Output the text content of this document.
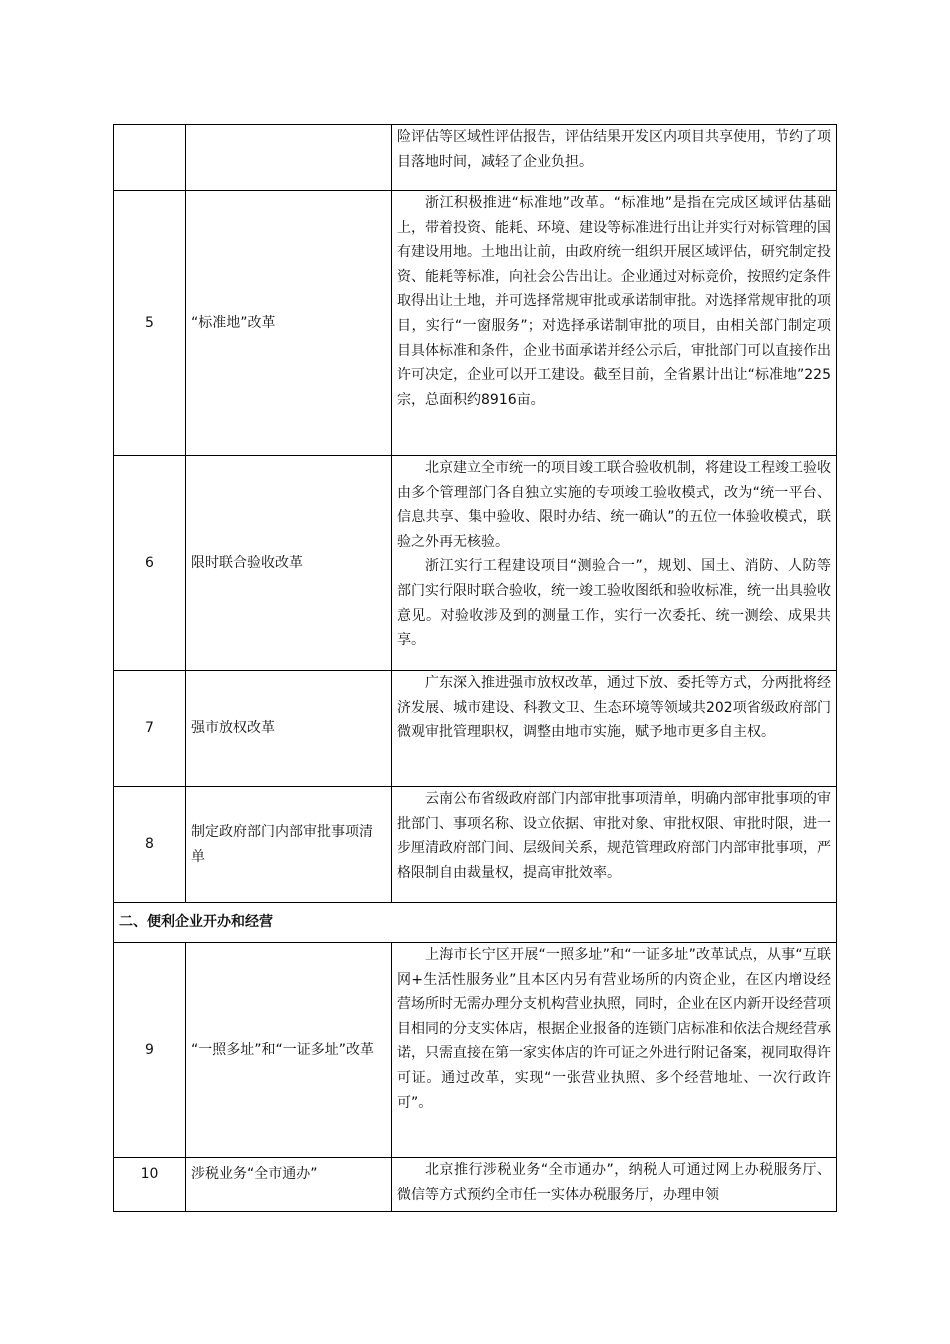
		险评估等区域性评估报告，评估结果开发区内项目共享使用，节约了项目落地时间，减轻了企业负担。

5	“标准地”改革	浙江积极推进“标准地”改革。“标准地”是指在完成区域评估基础上，带着投资、能耗、环境、建设等标准进行出让并实行对标管理的国有建设用地。土地出让前，由政府统一组织开展区域评估，研究制定投资、能耗等标准，向社会公告出让。企业通过对标竞价，按照约定条件取得出让土地，并可选择常规审批或承诺制审批。对选择常规审批的项目，实行“一窗服务”；对选择承诺制审批的项目，由相关部门制定项目具体标准和条件，企业书面承诺并经公示后，审批部门可以直接作出许可决定，企业可以开工建设。截至目前，全省累计出让“标准地”225宗，总面积约8916亩。

6	限时联合验收改革	北京建立全市统一的项目竣工联合验收机制，将建设工程竣工验收由多个管理部门各自独立实施的专项竣工验收模式，改为“统一平台、信息共享、集中验收、限时办结、统一确认”的五位一体验收模式，联验之外再无核验。

浙江实行工程建设项目“测验合一”，规划、国土、消防、人防等部门实行限时联合验收，统一竣工验收图纸和验收标准，统一出具验收意见。对验收涉及到的测量工作，实行一次委托、统一测绘、成果共享。

7	强市放权改革	广东深入推进强市放权改革，通过下放、委托等方式，分两批将经济发展、城市建设、科教文卫、生态环境等领域共202项省级政府部门微观审批管理职权，调整由地市实施，赋予地市更多自主权。

8	制定政府部门内部审批事项清单	云南公布省级政府部门内部审批事项清单，明确内部审批事项的审批部门、事项名称、设立依据、审批对象、审批权限、审批时限，进一步厘清政府部门间、层级间关系，规范管理政府部门内部审批事项，严格限制自由裁量权，提高审批效率。

二、便利企业开办和经营		
9	“一照多址”和“一证多址”改革	上海市长宁区开展“一照多址”和“一证多址”改革试点，从事“互联网+生活性服务业”且本区内另有营业场所的内资企业，在区内增设经营场所时无需办理分支机构营业执照，同时，企业在区内新开设经营项目相同的分支实体店，根据企业报备的连锁门店标准和依法合规经营承诺，只需直接在第一家实体店的许可证之外进行附记备案，视同取得许可证。通过改革，实现“一张营业执照、多个经营地址、一次行政许可”。

10	涉税业务“全市通办”	北京推行涉税业务“全市通办”，纳税人可通过网上办税服务厅、微信等方式预约全市任一实体办税服务厅，办理申领
